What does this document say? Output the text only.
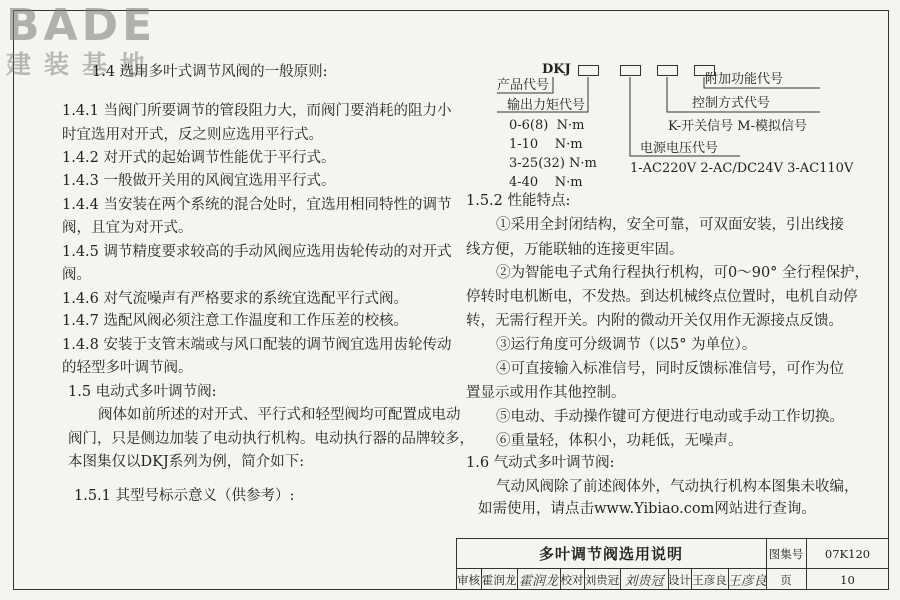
BADE
建装基地
1.4 选用多叶式调节风阀的一般原则:
1.4.1 当阀门所要调节的管段阻力大，而阀门要消耗的阻力小
时宜选用对开式，反之则应选用平行式。
1.4.2 对开式的起始调节性能优于平行式。
1.4.3 一般做开关用的风阀宜选用平行式。
1.4.4 当安装在两个系统的混合处时，宜选用相同特性的调节
阀，且宜为对开式。
1.4.5 调节精度要求较高的手动风阀应选用齿轮传动的对开式
阀。
1.4.6 对气流噪声有严格要求的系统宜选配平行式阀。
1.4.7 选配风阀必须注意工作温度和工作压差的校核。
1.4.8 安装于支管末端或与风口配装的调节阀宜选用齿轮传动
的轻型多叶调节阀。
1.5 电动式多叶调节阀:
阀体如前所述的对开式、平行式和轻型阀均可配置成电动
阀门，只是侧边加装了电动执行机构。电动执行器的品牌较多，
本图集仅以DKJ系列为例，简介如下:
1.5.1 其型号标示意义（供参考）:
DKJ
产品代号
输出力矩代号
0-6(8)  N·m
1-10    N·m
3-25(32) N·m
4-40    N·m
附加功能代号
控制方式代号
K-开关信号 M-模拟信号
电源电压代号
1-AC220V 2-AC/DC24V 3-AC110V
1.5.2 性能特点:
①采用全封闭结构，安全可靠，可双面安装，引出线接
线方便，万能联轴的连接更牢固。
②为智能电子式角行程执行机构，可0～90° 全行程保护，
停转时电机断电，不发热。到达机械终点位置时，电机自动停
转，无需行程开关。内附的微动开关仅用作无源接点反馈。
③运行角度可分级调节（以5° 为单位）。
④可直接输入标准信号，同时反馈标准信号，可作为位
置显示或用作其他控制。
⑤电动、手动操作键可方便进行电动或手动工作切换。
⑥重量轻，体积小，功耗低，无噪声。
1.6 气动式多叶调节阀:
气动风阀除了前述阀体外，气动执行机构本图集未收编，
如需使用，请点击www.Yibiao.com网站进行查询。
多叶调节阀选用说明	图集号	07K120
审核 霍润龙 霍润龙 校对 刘贵冠 刘贵冠 设计 王彦良 王彦良	页	10
